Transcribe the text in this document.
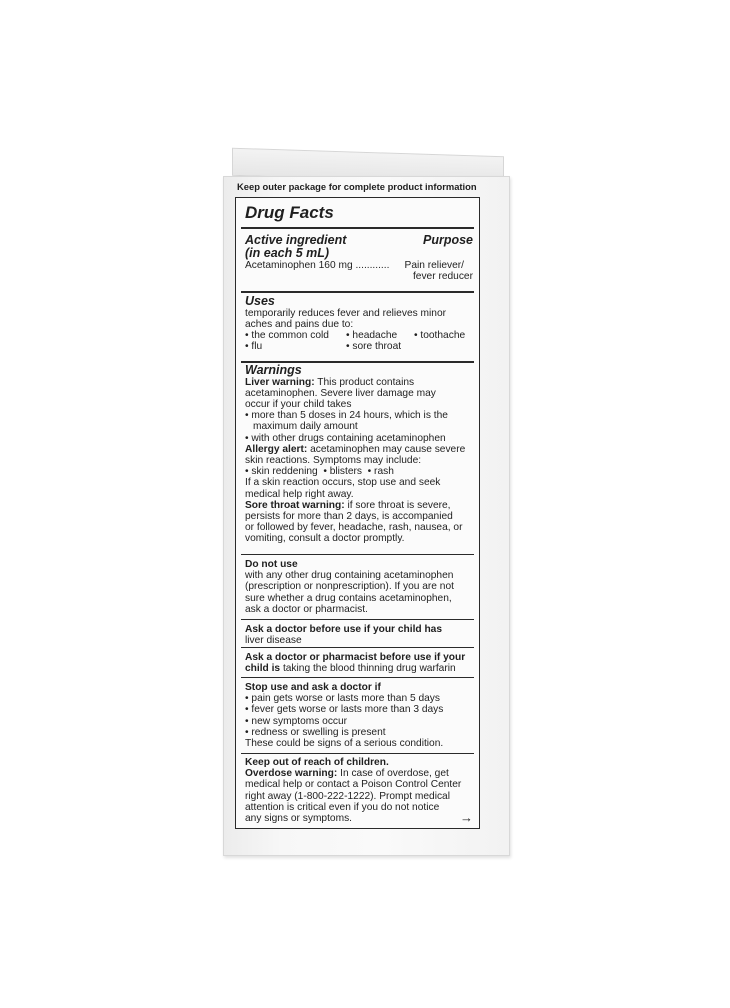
Keep outer package for complete product information
Drug Facts
Active ingredient	Purpose
(in each 5 mL)
Acetaminophen 160 mg ............ Pain reliever/
fever reducer
Uses
temporarily reduces fever and relieves minor
aches and pains due to:
• the common cold • headache • toothache
• flu	• sore throat
Warnings
Liver warning: This product contains
acetaminophen. Severe liver damage may
occur if your child takes
• more than 5 doses in 24 hours, which is the
maximum daily amount
• with other drugs containing acetaminophen
Allergy alert: acetaminophen may cause severe
skin reactions. Symptoms may include:
• skin reddening  • blisters  • rash
If a skin reaction occurs, stop use and seek
medical help right away.
Sore throat warning: if sore throat is severe,
persists for more than 2 days, is accompanied
or followed by fever, headache, rash, nausea, or
vomiting, consult a doctor promptly.
Do not use
with any other drug containing acetaminophen
(prescription or nonprescription). If you are not
sure whether a drug contains acetaminophen,
ask a doctor or pharmacist.
Ask a doctor before use if your child has
liver disease
Ask a doctor or pharmacist before use if your
child is taking the blood thinning drug warfarin
Stop use and ask a doctor if
• pain gets worse or lasts more than 5 days
• fever gets worse or lasts more than 3 days
• new symptoms occur
• redness or swelling is present
These could be signs of a serious condition.
Keep out of reach of children.
Overdose warning: In case of overdose, get
medical help or contact a Poison Control Center
right away (1-800-222-1222). Prompt medical
attention is critical even if you do not notice
any signs or symptoms.	→
